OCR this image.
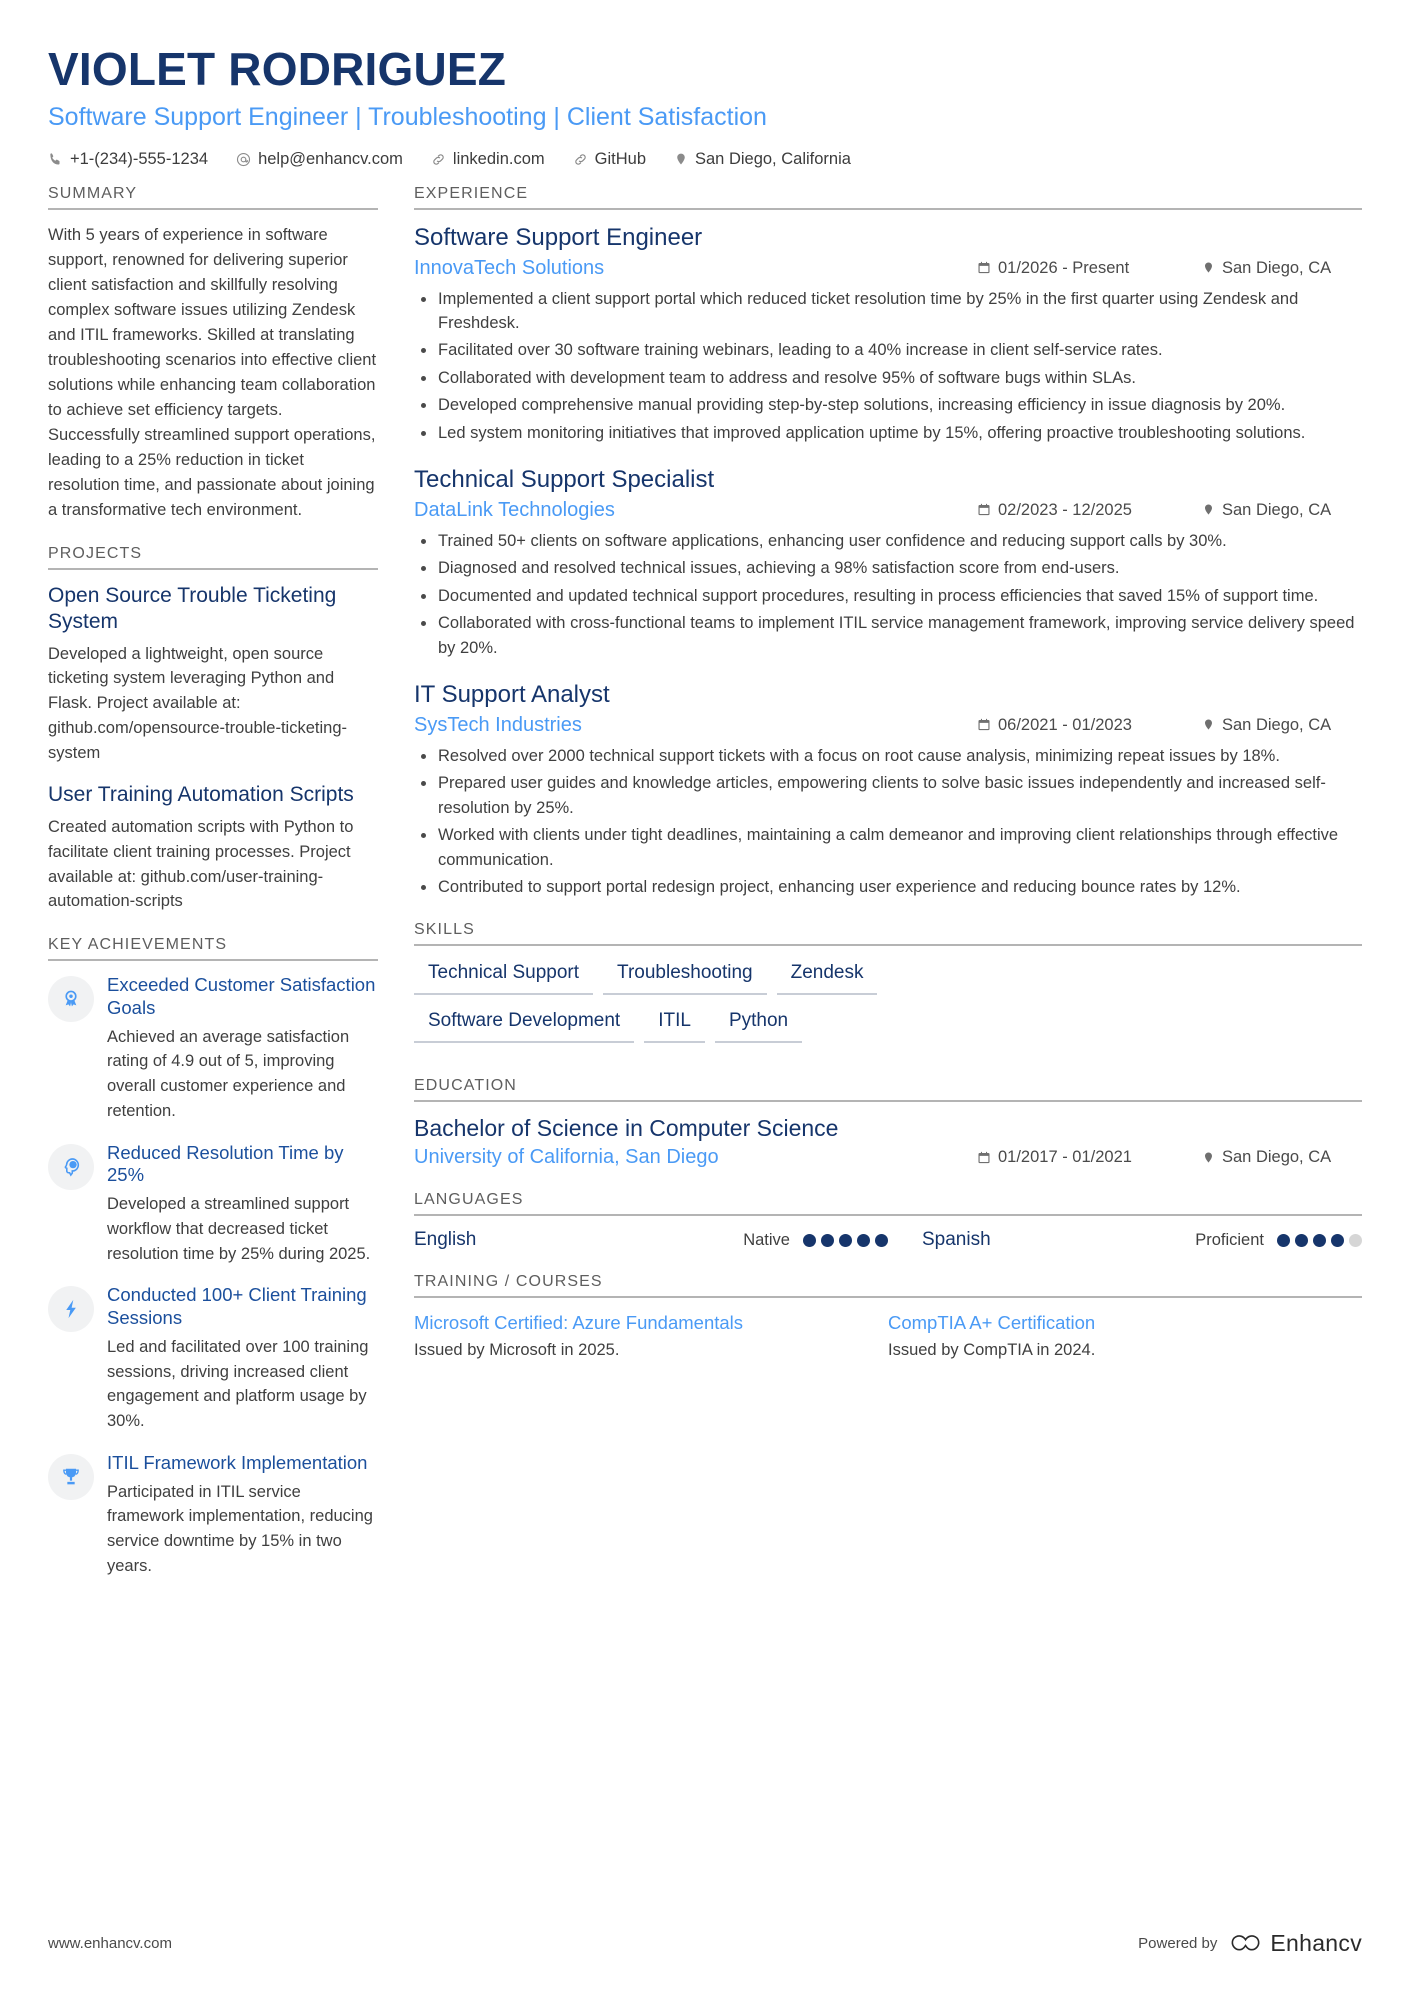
VIOLET RODRIGUEZ
Software Support Engineer | Troubleshooting | Client Satisfaction
+1-(234)-555-1234	help@enhancv.com	linkedin.com	GitHub	San Diego, California
SUMMARY
With 5 years of experience in software support, renowned for delivering superior client satisfaction and skillfully resolving complex software issues utilizing Zendesk and ITIL frameworks. Skilled at translating troubleshooting scenarios into effective client solutions while enhancing team collaboration to achieve set efficiency targets. Successfully streamlined support operations, leading to a 25% reduction in ticket resolution time, and passionate about joining a transformative tech environment.
PROJECTS
Open Source Trouble Ticketing System
Developed a lightweight, open source ticketing system leveraging Python and Flask. Project available at: github.com/opensource-trouble-ticketing-system
User Training Automation Scripts
Created automation scripts with Python to facilitate client training processes. Project available at: github.com/user-training-automation-scripts
KEY ACHIEVEMENTS
Exceeded Customer Satisfaction Goals
Achieved an average satisfaction rating of 4.9 out of 5, improving overall customer experience and retention.
Reduced Resolution Time by 25%
Developed a streamlined support workflow that decreased ticket resolution time by 25% during 2025.
Conducted 100+ Client Training Sessions
Led and facilitated over 100 training sessions, driving increased client engagement and platform usage by 30%.
ITIL Framework Implementation
Participated in ITIL service framework implementation, reducing service downtime by 15% in two years.
EXPERIENCE
Software Support Engineer
InnovaTech Solutions	01/2026 - Present	San Diego, CA
Implemented a client support portal which reduced ticket resolution time by 25% in the first quarter using Zendesk and Freshdesk.
Facilitated over 30 software training webinars, leading to a 40% increase in client self-service rates.
Collaborated with development team to address and resolve 95% of software bugs within SLAs.
Developed comprehensive manual providing step-by-step solutions, increasing efficiency in issue diagnosis by 20%.
Led system monitoring initiatives that improved application uptime by 15%, offering proactive troubleshooting solutions.
Technical Support Specialist
DataLink Technologies	02/2023 - 12/2025	San Diego, CA
Trained 50+ clients on software applications, enhancing user confidence and reducing support calls by 30%.
Diagnosed and resolved technical issues, achieving a 98% satisfaction score from end-users.
Documented and updated technical support procedures, resulting in process efficiencies that saved 15% of support time.
Collaborated with cross-functional teams to implement ITIL service management framework, improving service delivery speed by 20%.
IT Support Analyst
SysTech Industries	06/2021 - 01/2023	San Diego, CA
Resolved over 2000 technical support tickets with a focus on root cause analysis, minimizing repeat issues by 18%.
Prepared user guides and knowledge articles, empowering clients to solve basic issues independently and increased self-resolution by 25%.
Worked with clients under tight deadlines, maintaining a calm demeanor and improving client relationships through effective communication.
Contributed to support portal redesign project, enhancing user experience and reducing bounce rates by 12%.
SKILLS
Technical Support	Troubleshooting	Zendesk
Software Development	ITIL	Python
EDUCATION
Bachelor of Science in Computer Science
University of California, San Diego	01/2017 - 01/2021	San Diego, CA
LANGUAGES
English	Native	Spanish	Proficient
TRAINING / COURSES
Microsoft Certified: Azure Fundamentals
Issued by Microsoft in 2025.
CompTIA A+ Certification
Issued by CompTIA in 2024.
www.enhancv.com	Powered by Enhancv
